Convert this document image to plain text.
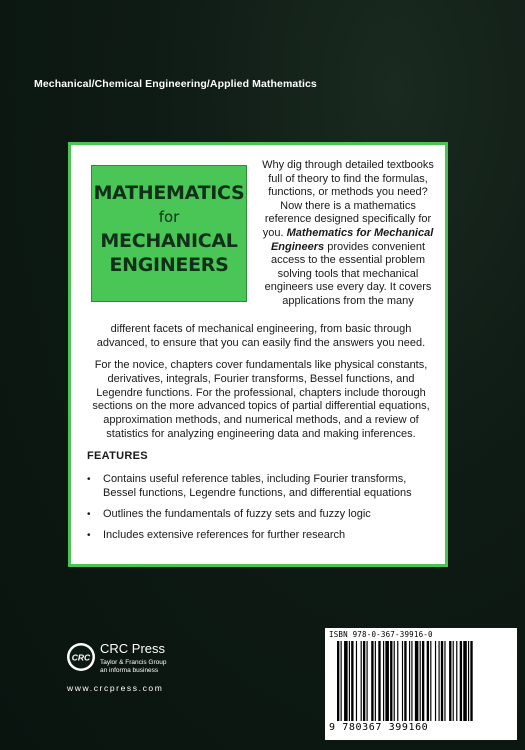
Mechanical/Chemical Engineering/Applied Mathematics
MATHEMATICS
for
MECHANICAL
ENGINEERS
Why dig through detailed textbooks full of theory to find the formulas, functions, or methods you need? Now there is a mathematics reference designed specifically for you. Mathematics for Mechanical Engineers provides convenient access to the essential problem solving tools that mechanical engineers use every day. It covers applications from the many
different facets of mechanical engineering, from basic through advanced, to ensure that you can easily find the answers you need.
For the novice, chapters cover fundamentals like physical constants, derivatives, integrals, Fourier transforms, Bessel functions, and Legendre functions. For the professional, chapters include thorough sections on the more advanced topics of partial differential equations, approximation methods, and numerical methods, and a review of statistics for analyzing engineering data and making inferences.
FEATURES
•	Contains useful reference tables, including Fourier transforms, Bessel functions, Legendre functions, and differential equations
•	Outlines the fundamentals of fuzzy sets and fuzzy logic
•	Includes extensive references for further research
CRC
CRC Press
Taylor & Francis Group
an informa business
www.crcpress.com
ISBN 978-0-367-39916-0
9 780367 399160
